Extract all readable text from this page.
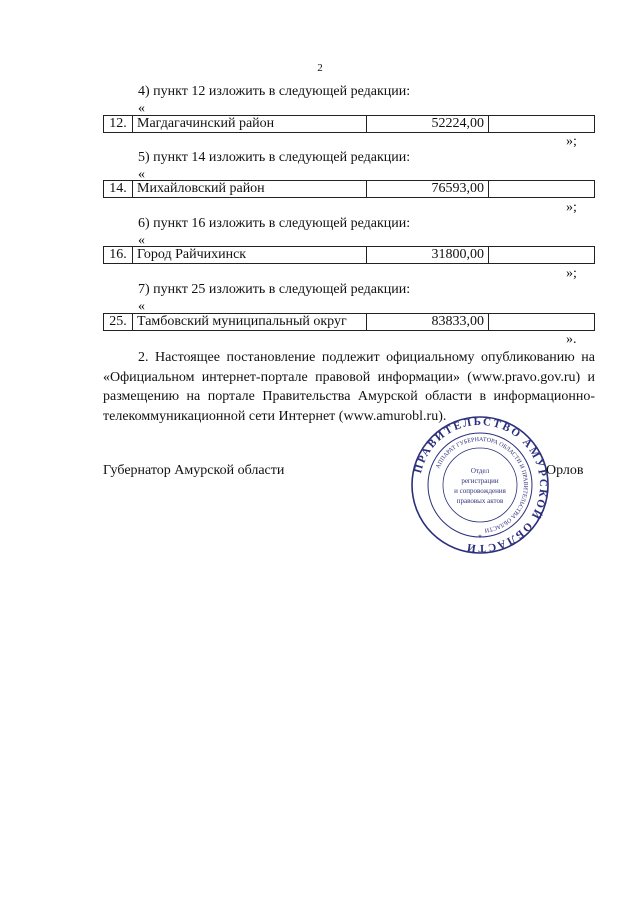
2
4) пункт 12 изложить в следующей редакции:
«
12.	Магдагачинский район	52224,00	
»;
5) пункт 14 изложить в следующей редакции:
«
14.	Михайловский район	76593,00	
»;
6) пункт 16 изложить в следующей редакции:
«
16.	Город Райчихинск	31800,00	
»;
7) пункт 25 изложить в следующей редакции:
«
25.	Тамбовский муниципальный округ	83833,00	
».
2. Настоящее постановление подлежит официальному опубликованию на «Официальном интернет-портале правовой информации» (www.pravo.gov.ru) и размещению на портале Правительства Амурской области в информационно-телекоммуникационной сети Интернет (www.amurobl.ru).
Губернатор Амурской области	ПРАВИТЕЛЬСТВО АМУРСКОЙ ОБЛАСТИ
АППАРАТ ГУБЕРНАТОРА ОБЛАСТИ И ПРАВИТЕЛЬСТВА ОБЛАСТИ
Отдел
регистрации
и сопровождения
правовых актов
*
Орлов
